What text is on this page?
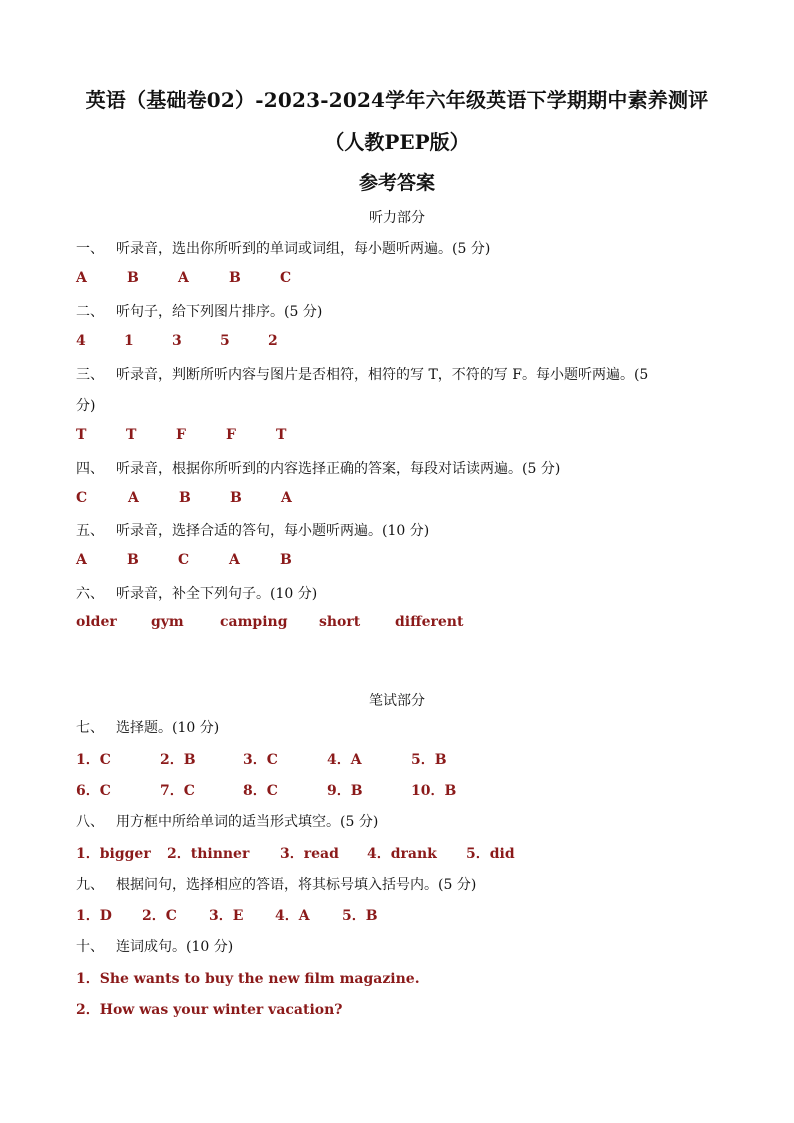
英语（基础卷02）-2023-2024学年六年级英语下学期期中素养测评
（人教PEP版）
参考答案
听力部分
一、 听录音，选出你所听到的单词或词组，每小题听两遍。(5 分)
A	B	A	B	C
二、 听句子，给下列图片排序。(5 分)
4	1	3	5	2
三、 听录音，判断所听内容与图片是否相符，相符的写 T，不符的写 F。每小题听两遍。(5
分)
T	T	F	F	T
四、 听录音，根据你所听到的内容选择正确的答案，每段对话读两遍。(5 分)
C	A	B	B	A
五、 听录音，选择合适的答句，每小题听两遍。(10 分)
A	B	C	A	B
六、 听录音，补全下列句子。(10 分)
older gym	camping short different
笔试部分
七、 选择题。(10 分)
1．C	2．B	3．C	4．A	5．B
6．C	7．C	8．C	9．B	10．B
八、 用方框中所给单词的适当形式填空。(5 分)
1．bigger 2．thinner 3．read 4．drank 5．did
九、 根据问句，选择相应的答语，将其标号填入括号内。(5 分)
1．D 2．C 3．E 4．A 5．B
十、 连词成句。(10 分)
1．She wants to buy the new film magazine.
2．How was your winter vacation?
